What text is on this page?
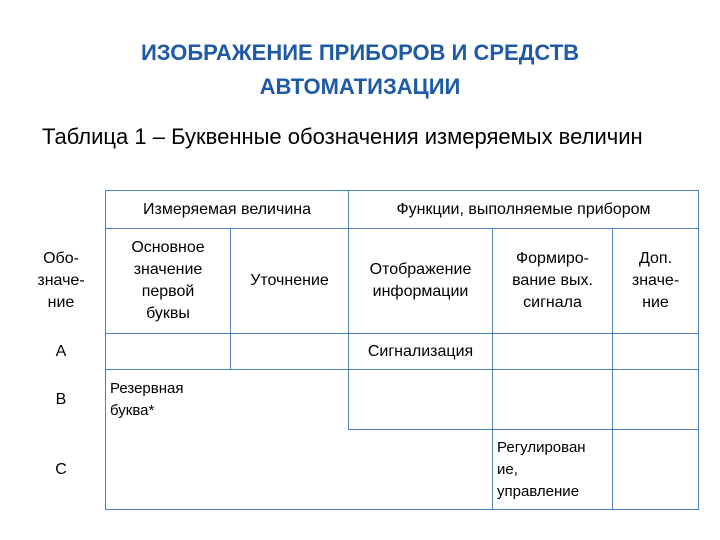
ИЗОБРАЖЕНИЕ ПРИБОРОВ И СРЕДСТВ
АВТОМАТИЗАЦИИ
Таблица 1 – Буквенные обозначения измеряемых величин
Измеряемая величина	Функции, выполняемые прибором
Обо-
значе-
ние
Основное
значение
первой
буквы
Уточнение
Отображение
информации
Формиро-
вание вых.
сигнала
Доп.
значе-
ние
A	Сигнализация
B
Резервная
буква*
C
Регулирован
ие,
управление
